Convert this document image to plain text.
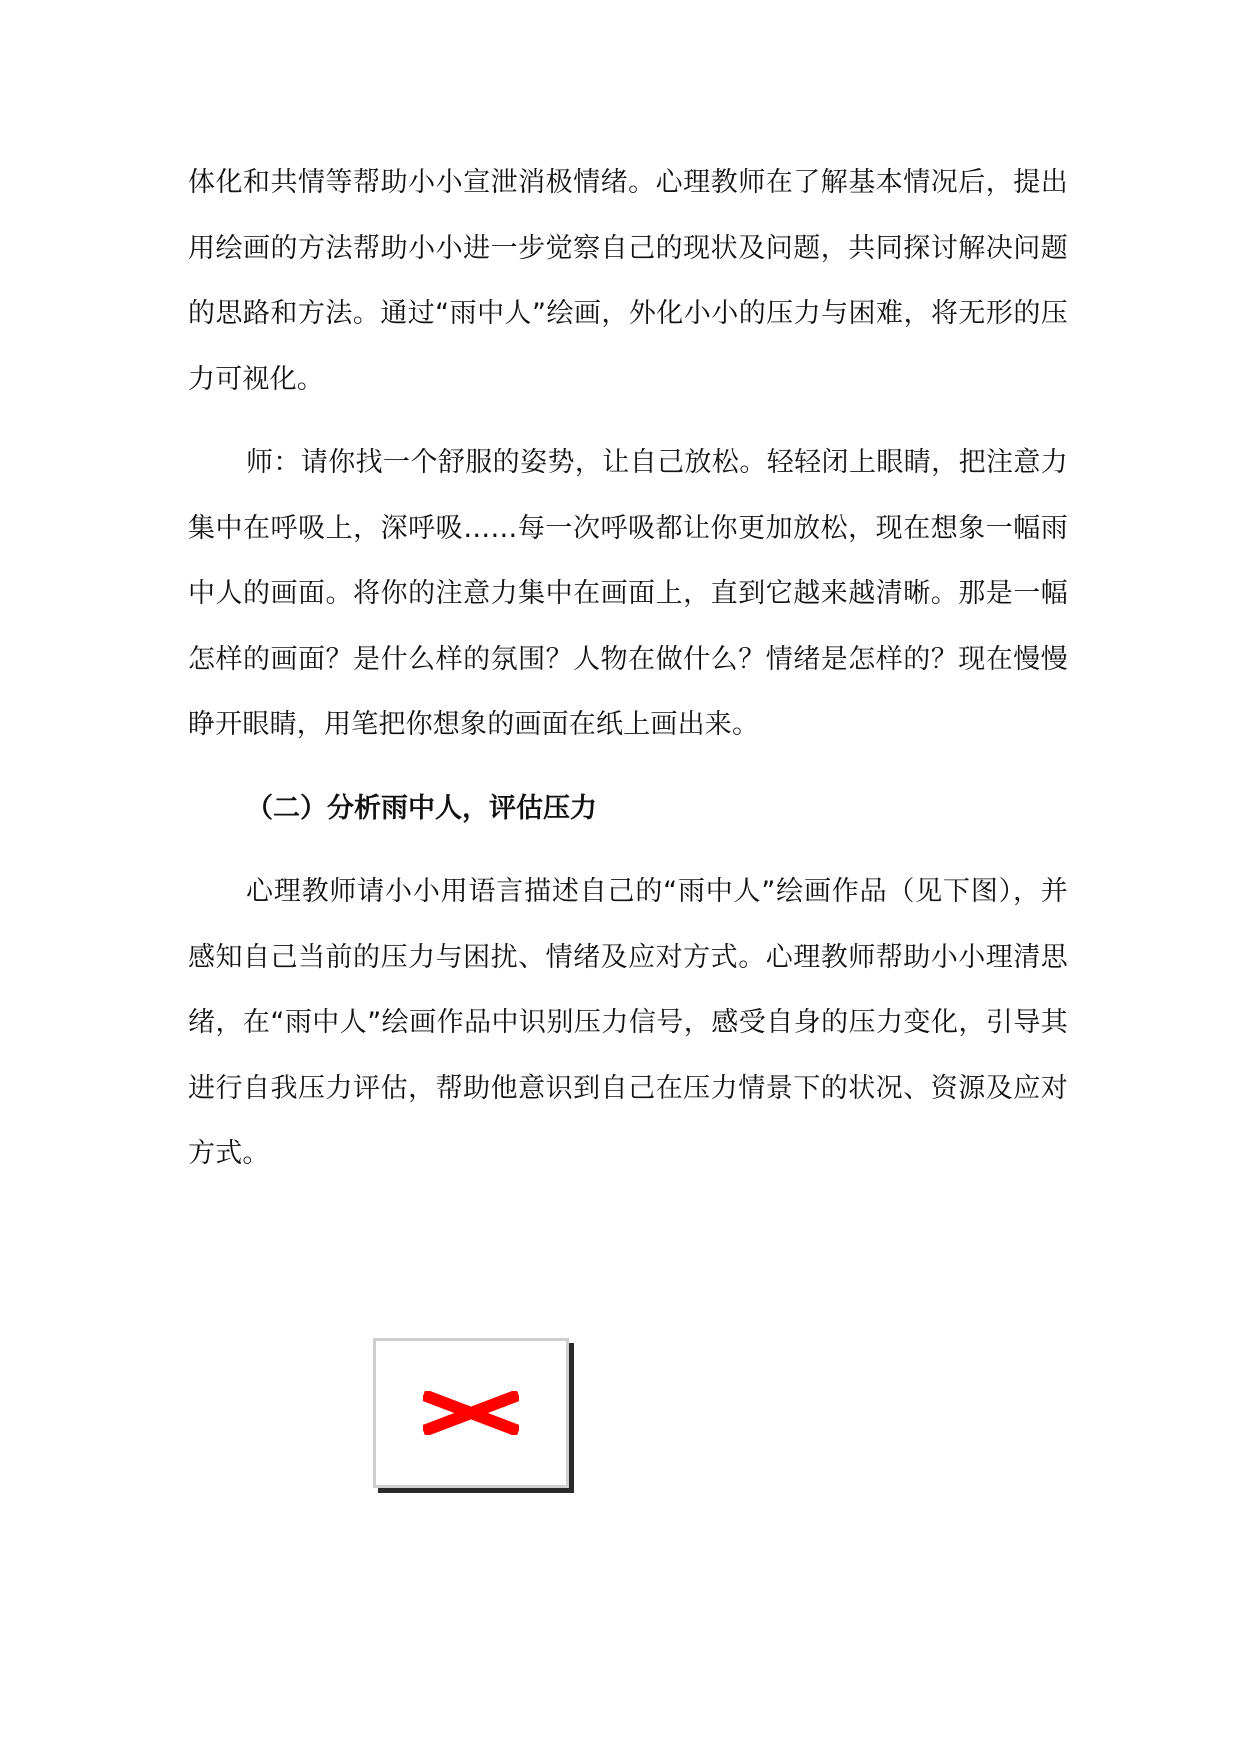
体化和共情等帮助小小宣泄消极情绪。心理教师在了解基本情况后，提出用绘画的方法帮助小小进一步觉察自己的现状及问题，共同探讨解决问题的思路和方法。通过“雨中人”绘画，外化小小的压力与困难，将无形的压力可视化。

师：请你找一个舒服的姿势，让自己放松。轻轻闭上眼睛，把注意力集中在呼吸上，深呼吸……每一次呼吸都让你更加放松，现在想象一幅雨中人的画面。将你的注意力集中在画面上，直到它越来越清晰。那是一幅怎样的画面？是什么样的氛围？人物在做什么？情绪是怎样的？现在慢慢睁开眼睛，用笔把你想象的画面在纸上画出来。

（二）分析雨中人，评估压力

心理教师请小小用语言描述自己的“雨中人”绘画作品（见下图），并感知自己当前的压力与困扰、情绪及应对方式。心理教师帮助小小理清思绪，在“雨中人”绘画作品中识别压力信号，感受自身的压力变化，引导其进行自我压力评估，帮助他意识到自己在压力情景下的状况、资源及应对方式。
